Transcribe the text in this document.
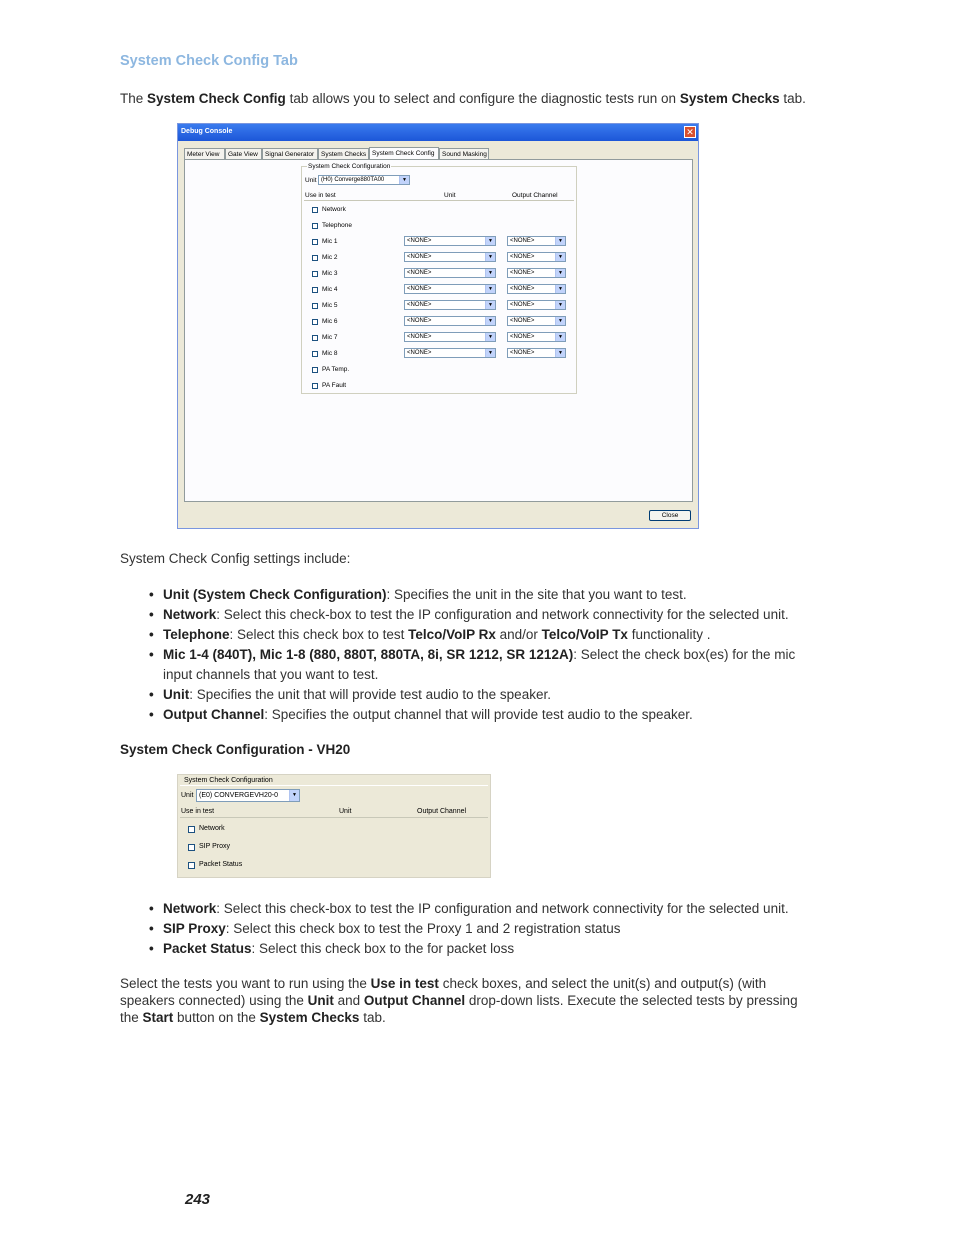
System Check Config Tab
The System Check Config tab allows you to select and configure the diagnostic tests run on System Checks tab.
Debug Console	✕
Meter View	Gate View	Signal Generator	System Checks System Check Config	Sound Masking
System Check Configuration
Unit (H0) Converge880TA00	▼
Use in test	Unit	Output Channel
Network
Telephone
Mic 1	<NONE>	▼	<NONE>	▼
Mic 2	<NONE>	▼	<NONE>	▼
Mic 3	<NONE>	▼	<NONE>	▼
Mic 4	<NONE>	▼	<NONE>	▼
Mic 5	<NONE>	▼	<NONE>	▼
Mic 6	<NONE>	▼	<NONE>	▼
Mic 7	<NONE>	▼	<NONE>	▼
Mic 8	<NONE>	▼	<NONE>	▼
PA Temp.
PA Fault
Close
System Check Config settings include:
• Unit (System Check Configuration): Specifies the unit in the site that you want to test.
• Network: Select this check-box to test the IP configuration and network connectivity for the selected unit.
• Telephone: Select this check box to test Telco/VoIP Rx and/or Telco/VoIP Tx functionality .
• Mic 1-4 (840T), Mic 1-8 (880, 880T, 880TA, 8i, SR 1212, SR 1212A): Select the check box(es) for the mic input channels that you want to test.
• Unit: Specifies the unit that will provide test audio to the speaker.
• Output Channel: Specifies the output channel that will provide test audio to the speaker.
System Check Configuration - VH20
System Check Configuration
Unit (E0) CONVERGEVH20-0	▼
Use in test	Unit	Output Channel
Network
SIP Proxy
Packet Status
• Network: Select this check-box to test the IP configuration and network connectivity for the selected unit.
• SIP Proxy: Select this check box to test the Proxy 1 and 2 registration status
• Packet Status: Select this check box to the for packet loss
Select the tests you want to run using the Use in test check boxes, and select the unit(s) and output(s) (with speakers connected) using the Unit and Output Channel drop-down lists. Execute the selected tests by pressing the Start button on the System Checks tab.
243
